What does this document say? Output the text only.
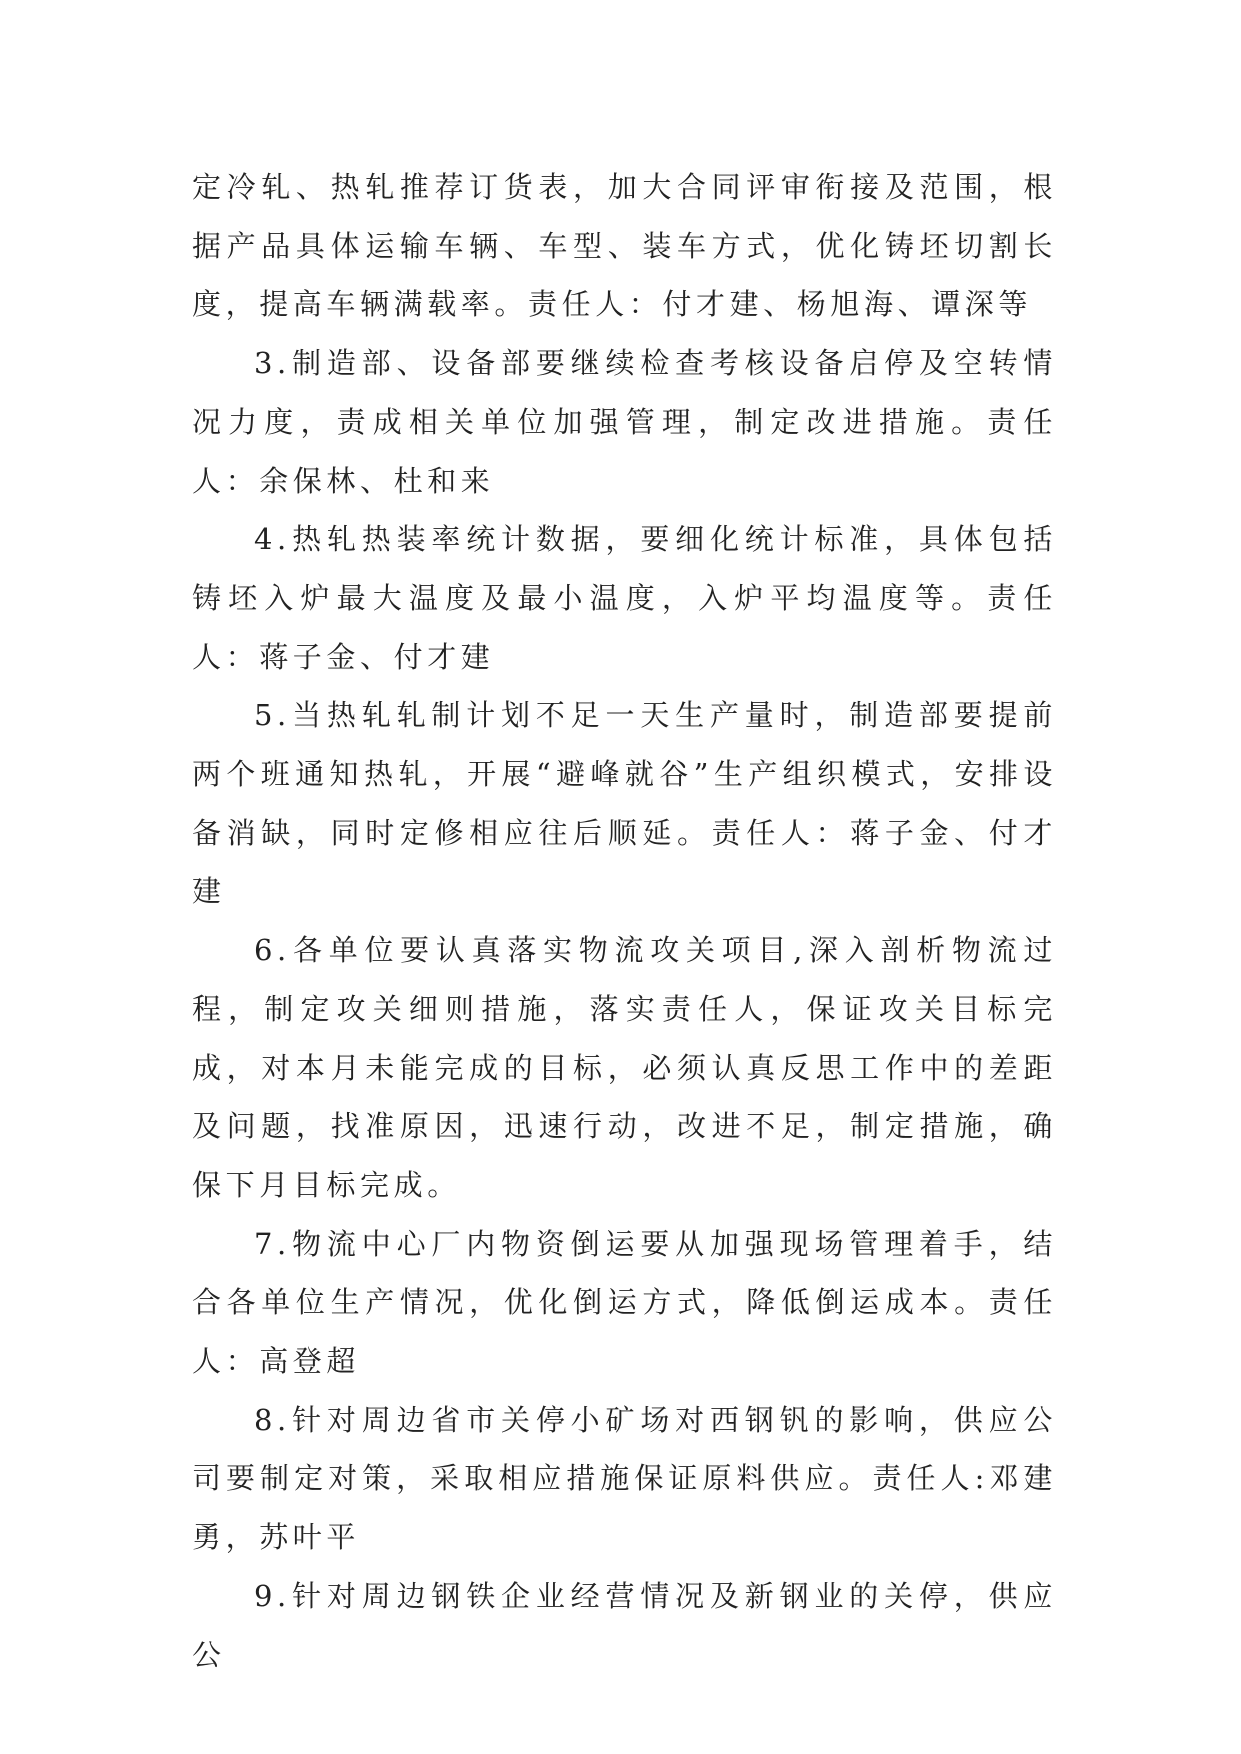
定冷轧、热轧推荐订货表，加大合同评审衔接及范围，根据产品具体运输车辆、车型、装车方式，优化铸坯切割长度，提高车辆满载率。责任人：付才建、杨旭海、谭深等

3.制造部、设备部要继续检查考核设备启停及空转情况力度，责成相关单位加强管理，制定改进措施。责任人：余保林、杜和来

4.热轧热装率统计数据，要细化统计标准，具体包括铸坯入炉最大温度及最小温度，入炉平均温度等。责任人：蒋子金、付才建

5.当热轧轧制计划不足一天生产量时，制造部要提前两个班通知热轧，开展“避峰就谷”生产组织模式，安排设备消缺，同时定修相应往后顺延。责任人：蒋子金、付才建

6.各单位要认真落实物流攻关项目,深入剖析物流过程，制定攻关细则措施，落实责任人，保证攻关目标完成，对本月未能完成的目标，必须认真反思工作中的差距及问题，找准原因，迅速行动，改进不足，制定措施，确保下月目标完成。

7.物流中心厂内物资倒运要从加强现场管理着手，结合各单位生产情况，优化倒运方式，降低倒运成本。责任人：高登超

8.针对周边省市关停小矿场对西钢钒的影响，供应公司要制定对策，采取相应措施保证原料供应。责任人:邓建勇，苏叶平

9.针对周边钢铁企业经营情况及新钢业的关停，供应公
